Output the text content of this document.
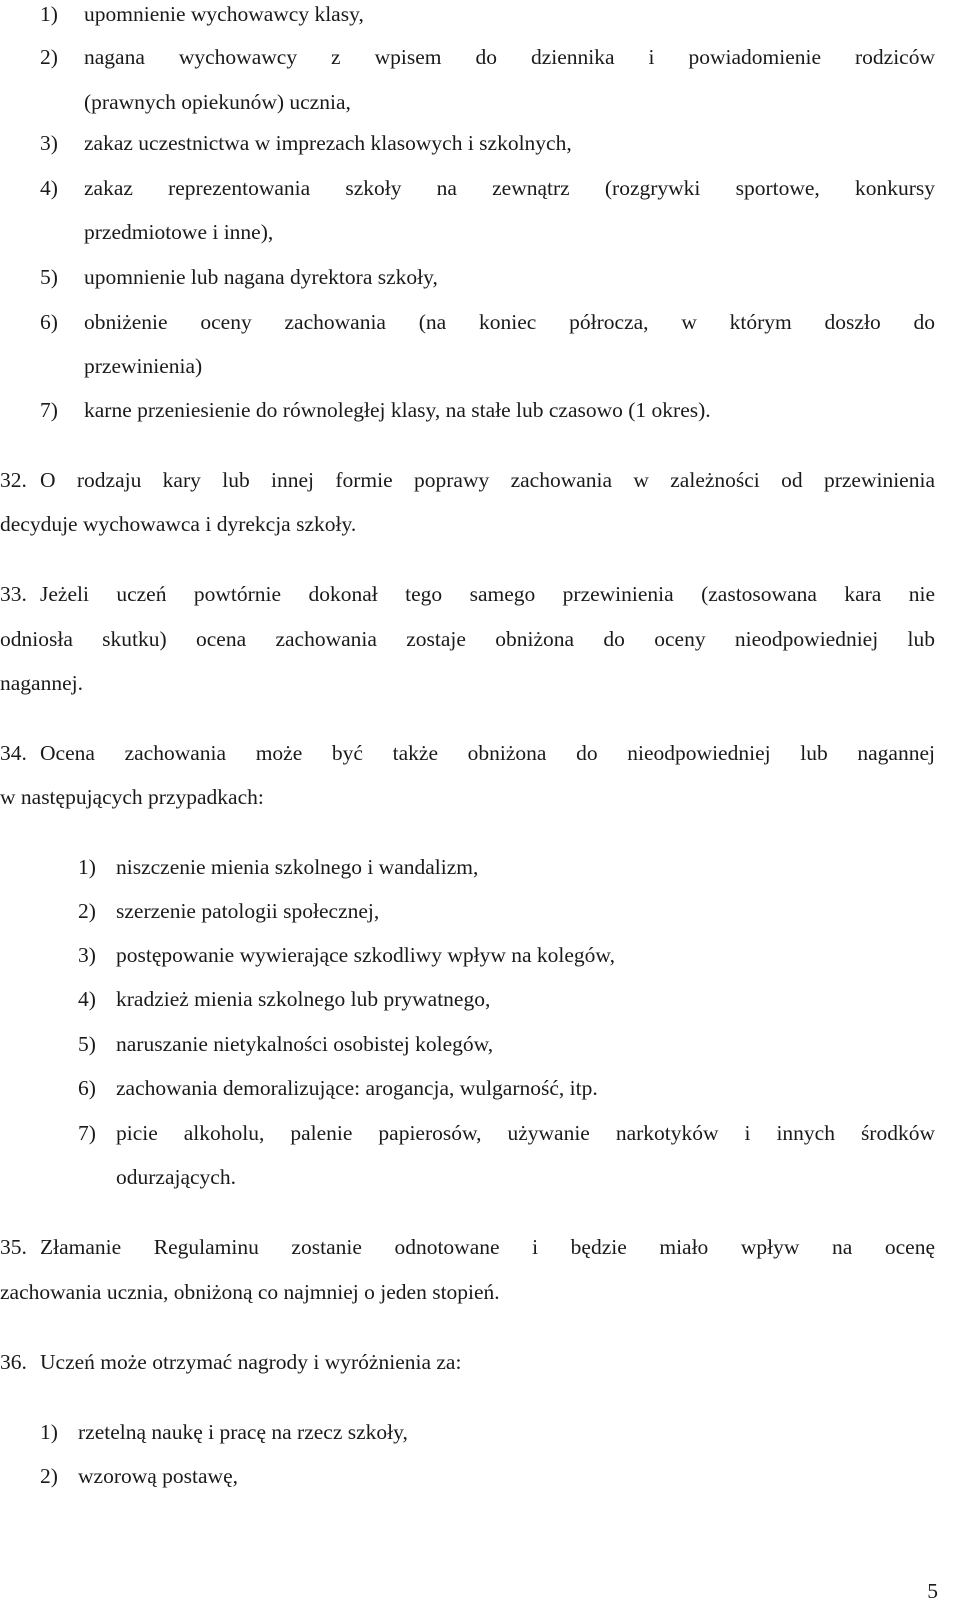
1) upomnienie wychowawcy klasy,
2) nagana wychowawcy z wpisem do dziennika i powiadomienie rodziców
(prawnych opiekunów) ucznia,
3) zakaz uczestnictwa w imprezach klasowych i szkolnych,
4) zakaz reprezentowania szkoły na zewnątrz (rozgrywki sportowe, konkursy
przedmiotowe i inne),
5) upomnienie lub nagana dyrektora szkoły,
6) obniżenie oceny zachowania (na koniec półrocza, w którym doszło do
przewinienia)
7) karne przeniesienie do równoległej klasy, na stałe lub czasowo (1 okres).
32. O rodzaju kary lub innej formie poprawy zachowania w zależności od przewinienia
decyduje wychowawca i dyrekcja szkoły.
33. Jeżeli uczeń powtórnie dokonał tego samego przewinienia (zastosowana kara nie
odniosła skutku) ocena zachowania zostaje obniżona do oceny nieodpowiedniej lub
nagannej.
34. Ocena zachowania może być także obniżona do nieodpowiedniej lub nagannej
w następujących przypadkach:
1) niszczenie mienia szkolnego i wandalizm,
2) szerzenie patologii społecznej,
3) postępowanie wywierające szkodliwy wpływ na kolegów,
4) kradzież mienia szkolnego lub prywatnego,
5) naruszanie nietykalności osobistej kolegów,
6) zachowania demoralizujące: arogancja, wulgarność, itp.
7) picie alkoholu, palenie papierosów, używanie narkotyków i innych środków
odurzających.
35. Złamanie Regulaminu zostanie odnotowane i będzie miało wpływ na ocenę
zachowania ucznia, obniżoną co najmniej o jeden stopień.
36. Uczeń może otrzymać nagrody i wyróżnienia za:
1) rzetelną naukę i pracę na rzecz szkoły,
2) wzorową postawę,
5
